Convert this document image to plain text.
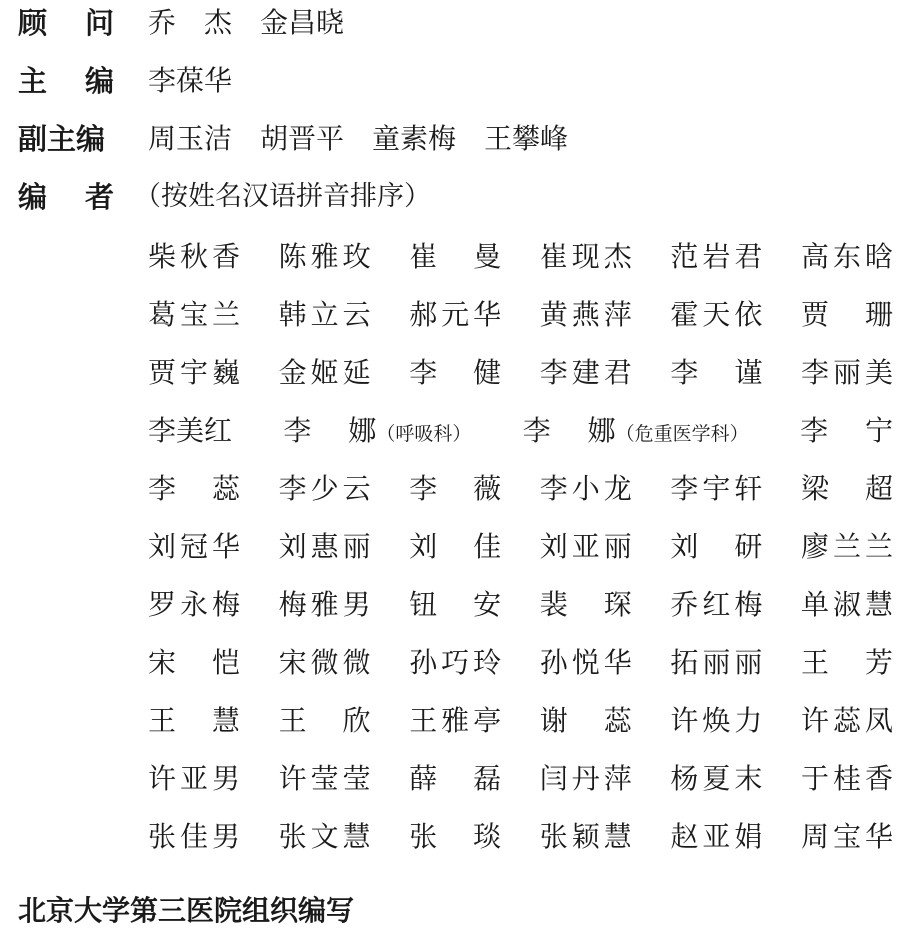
顾 问 乔　杰　金昌晓
主 编 李葆华
副主编 周玉洁　胡晋平　童素梅　王攀峰
编 者 （按姓名汉语拼音排序）
柴 秋 香 陈 雅 玫 崔 曼 崔 现 杰 范 岩 君 高 东 晗
葛 宝 兰 韩 立 云 郝 元 华 黄 燕 萍 霍 天 依 贾 珊
贾 宇 巍 金 姬 延 李 健 李 建 君 李 谨 李 丽 美
李美红 李  娜 （呼吸科） 李  娜 （危重医学科） 李  宁
李 蕊 李 少 云 李 薇 李 小 龙 李 宇 轩 梁 超
刘 冠 华 刘 惠 丽 刘 佳 刘 亚 丽 刘 研 廖 兰 兰
罗 永 梅 梅 雅 男 钮 安 裴 琛 乔 红 梅 单 淑 慧
宋 恺 宋 微 微 孙 巧 玲 孙 悦 华 拓 丽 丽 王 芳
王 慧 王 欣 王 雅 亭 谢 蕊 许 焕 力 许 蕊 凤
许 亚 男 许 莹 莹 薛 磊 闫 丹 萍 杨 夏 末 于 桂 香
张 佳 男 张 文 慧 张 琰 张 颖 慧 赵 亚 娟 周 宝 华
北京大学第三医院组织编写
